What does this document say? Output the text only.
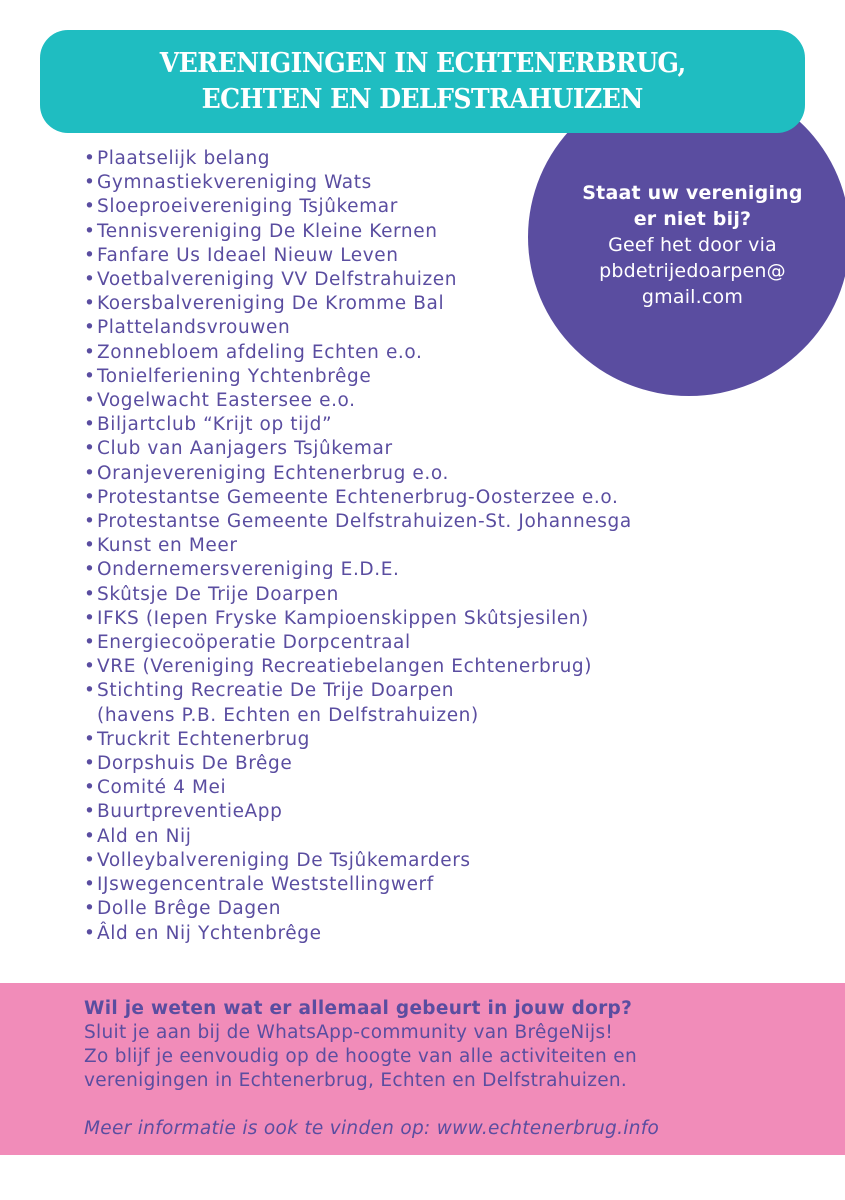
Staat uw vereniging
er niet bij?
Geef het door via
pbdetrijedoarpen@
gmail.com
VERENIGINGEN IN ECHTENERBRUG,
ECHTEN EN DELFSTRAHUIZEN
•Plaatselijk belang
•Gymnastiekvereniging Wats
•Sloeproeivereniging Tsjûkemar
•Tennisvereniging De Kleine Kernen
•Fanfare Us Ideael Nieuw Leven
•Voetbalvereniging VV Delfstrahuizen
•Koersbalvereniging De Kromme Bal
•Plattelandsvrouwen
•Zonnebloem afdeling Echten e.o.
•Tonielferiening Ychtenbrêge
•Vogelwacht Eastersee e.o.
•Biljartclub “Krijt op tijd”
•Club van Aanjagers Tsjûkemar
•Oranjevereniging Echtenerbrug e.o.
•Protestantse Gemeente Echtenerbrug-Oosterzee e.o.
•Protestantse Gemeente Delfstrahuizen-St. Johannesga
•Kunst en Meer
•Ondernemersvereniging E.D.E.
•Skûtsje De Trije Doarpen
•IFKS (Iepen Fryske Kampioenskippen Skûtsjesilen)
•Energiecoöperatie Dorpcentraal
•VRE (Vereniging Recreatiebelangen Echtenerbrug)
•Stichting Recreatie De Trije Doarpen
(havens P.B. Echten en Delfstrahuizen)
•Truckrit Echtenerbrug
•Dorpshuis De Brêge
•Comité 4 Mei
•BuurtpreventieApp
•Ald en Nij
•Volleybalvereniging De Tsjûkemarders
•IJswegencentrale Weststellingwerf
•Dolle Brêge Dagen
•Âld en Nij Ychtenbrêge
Wil je weten wat er allemaal gebeurt in jouw dorp?
Sluit je aan bij de WhatsApp-community van BrêgeNijs!
Zo blijf je eenvoudig op de hoogte van alle activiteiten en
verenigingen in Echtenerbrug, Echten en Delfstrahuizen.
Meer informatie is ook te vinden op: www.echtenerbrug.info
